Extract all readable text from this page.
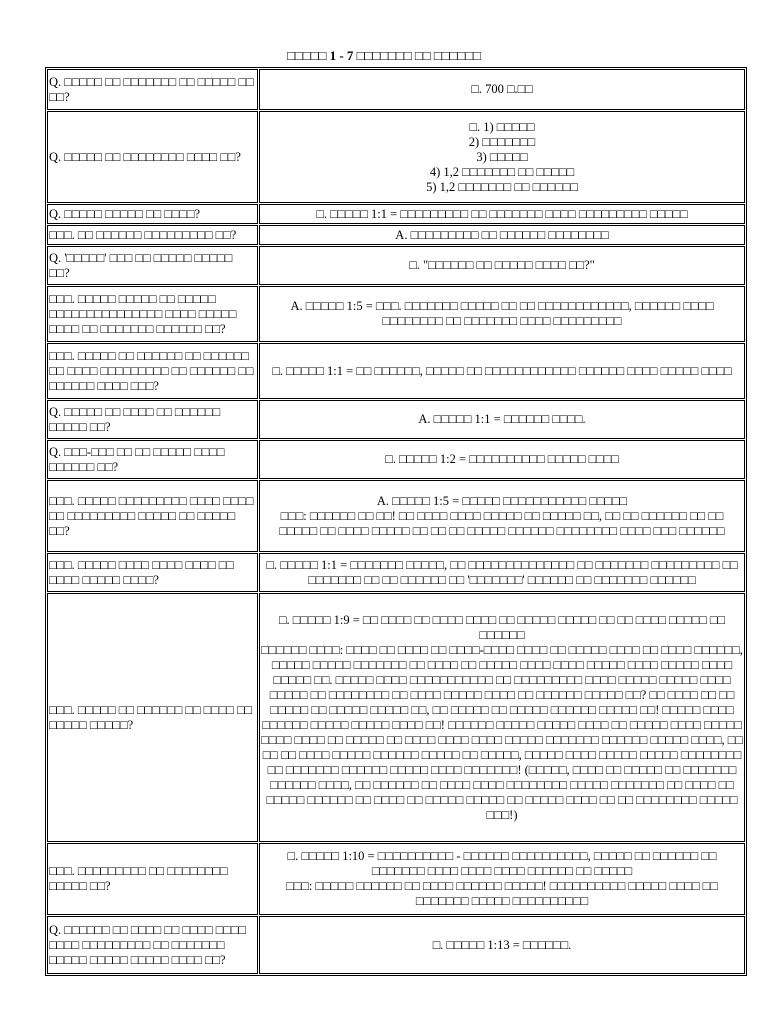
□□□□□ 1 - 7 □□□□□□□ □□ □□□□□□
Q. □□□□□ □□ □□□□□□□ □□ □□□□□ □□ □□?	□. 700 □.□□

Q. □□□□□ □□ □□□□□□□□ □□□□ □□?	□. 1) □□□□□
2) □□□□□□□
3) □□□□□
4) 1,2 □□□□□□□ □□ □□□□□
5) 1,2 □□□□□□□ □□ □□□□□□

Q. □□□□□ □□□□□ □□ □□□□?	□. □□□□□ 1:1 = □□□□□□□□□ □□ □□□□□□□ □□□□ □□□□□□□□□ □□□□□

□□□. □□ □□□□□□ □□□□□□□□□ □□?	A. □□□□□□□□□ □□ □□□□□□ □□□□□□□□

Q. '□□□□□' □□□ □□ □□□□□ □□□□□ □□?	□. "□□□□□□ □□ □□□□□ □□□□ □□?"

□□□. □□□□□ □□□□□ □□ □□□□□ □□□□□□□□□□□□□□□ □□□□ □□□□□ □□□□ □□ □□□□□□□ □□□□□□ □□?	A. □□□□□ 1:5 = □□□. □□□□□□□ □□□□□ □□ □□ □□□□□□□□□□□□, □□□□□□ □□□□ □□□□□□□□ □□ □□□□□□□ □□□□ □□□□□□□□□

□□□. □□□□□ □□ □□□□□□ □□ □□□□□□ □□ □□□□ □□□□□□□□□ □□ □□□□□□ □□ □□□□□□ □□□□ □□□?	□. □□□□□ 1:1 = □□ □□□□□□, □□□□□ □□ □□□□□□□□□□□□ □□□□□□ □□□□ □□□□□ □□□□

Q. □□□□□ □□ □□□□ □□ □□□□□□ □□□□□ □□?	A. □□□□□ 1:1 = □□□□□□ □□□□.

Q. □□□-□□□ □□ □□ □□□□□ □□□□ □□□□□□ □□?	□. □□□□□ 1:2 = □□□□□□□□□□ □□□□□ □□□□

□□□. □□□□□ □□□□□□□□□ □□□□ □□□□ □□ □□□□□□□□□ □□□□□ □□ □□□□□ □□?	A. □□□□□ 1:5 = □□□□□ □□□□□□□□□□□ □□□□□
□□□: □□□□□□ □□ □□! □□ □□□□ □□□□ □□□□□ □□ □□□□□ □□, □□ □□ □□□□□□ □□ □□ □□□□□ □□ □□□□ □□□□□ □□ □□ □□ □□□□□ □□□□□□ □□□□□□□□ □□□□ □□□ □□□□□□

□□□. □□□□□ □□□□ □□□□ □□□□ □□ □□□□ □□□□□ □□□□?	□. □□□□□ 1:1 = □□□□□□□ □□□□□, □□ □□□□□□□□□□□□□□ □□ □□□□□□□ □□□□□□□□□ □□ □□□□□□□ □□ □□ □□□□□□ □□ '□□□□□□□' □□□□□□ □□ □□□□□□□ □□□□□□

□□□. □□□□□ □□ □□□□□□ □□ □□□□ □□ □□□□□ □□□□□?	□. □□□□□ 1:9 = □□ □□□□ □□ □□□□ □□□□ □□ □□□□□ □□□□□ □□ □□ □□□□ □□□□□ □□ □□□□□□
□□□□□□ □□□□: □□□□ □□ □□□□ □□ □□□□-□□□□ □□□□ □□ □□□□□ □□□□ □□ □□□□ □□□□□□, □□□□□ □□□□□ □□□□□□□ □□ □□□□ □□ □□□□□ □□□□ □□□□ □□□□□ □□□□ □□□□□ □□□□ □□□□□ □□. □□□□□ □□□□ □□□□□□□□□□□ □□ □□□□□□□□□ □□□□ □□□□□ □□□□□ □□□□ □□□□□ □□ □□□□□□□□ □□ □□□□ □□□□□ □□□□ □□ □□□□□□ □□□□□ □□? □□ □□□□ □□ □□ □□□□□ □□ □□□□□ □□□□□ □□, □□ □□□□□ □□ □□□□□ □□□□□□ □□□□□ □□! □□□□□ □□□□ □□□□□□ □□□□□ □□□□□ □□□□ □□! □□□□□□ □□□□□ □□□□□ □□□□ □□ □□□□□ □□□□ □□□□□ □□□□ □□□□ □□ □□□□□ □□ □□□□ □□□□ □□□□ □□□□□ □□□□□□□ □□□□□□ □□□□□ □□□□, □□ □□ □□ □□□□ □□□□□ □□□□□□ □□□□□ □□ □□□□□, □□□□□ □□□□ □□□□□ □□□□□ □□□□□□□□ □□ □□□□□□□ □□□□□□ □□□□□ □□□□ □□□□□□□! (□□□□□, □□□□ □□ □□□□□ □□ □□□□□□□ □□□□□□ □□□□, □□ □□□□□□ □□ □□□□ □□□□ □□□□□□□□ □□□□□ □□□□□□□ □□ □□□□ □□ □□□□□ □□□□□□ □□ □□□□ □□ □□□□□ □□□□□ □□ □□□□□ □□□□ □□ □□ □□□□□□□□ □□□□□ □□□!)

□□□. □□□□□□□□□ □□ □□□□□□□□ □□□□□ □□?	□. □□□□□ 1:10 = □□□□□□□□□□ - □□□□□□ □□□□□□□□□□, □□□□□ □□ □□□□□□ □□ □□□□□□□ □□□□ □□□□ □□□□ □□□□□□ □□ □□□□□
□□□: □□□□□ □□□□□□ □□ □□□□ □□□□□□ □□□□□! □□□□□□□□□□ □□□□□ □□□□ □□ □□□□□□□ □□□□□ □□□□□□□□□□

Q. □□□□□□ □□ □□□□ □□ □□□□ □□□□ □□□□ □□□□□□□□□ □□ □□□□□□□ □□□□□ □□□□□ □□□□□ □□□□ □□?	□. □□□□□ 1:13 = □□□□□□.
